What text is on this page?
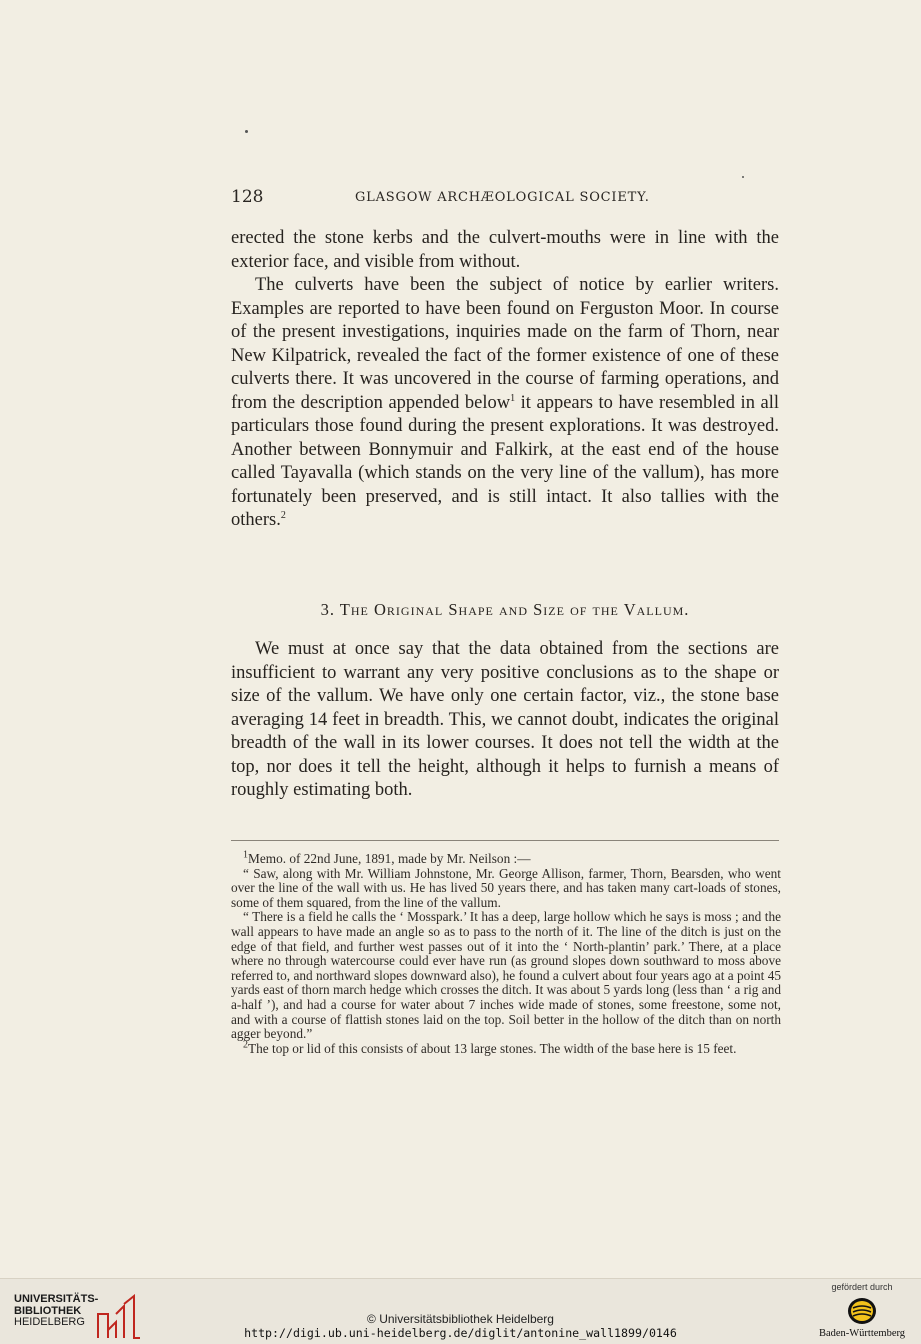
128	GLASGOW ARCHÆOLOGICAL SOCIETY.

erected the stone kerbs and the culvert-mouths were in line with the exterior face, and visible from without.

The culverts have been the subject of notice by earlier writers. Examples are reported to have been found on Ferguston Moor. In course of the present investigations, inquiries made on the farm of Thorn, near New Kilpatrick, revealed the fact of the former existence of one of these culverts there. It was uncovered in the course of farming operations, and from the description appended below$^1$ it appears to have resembled in all particulars those found during the present explorations. It was destroyed. Another between Bonnymuir and Falkirk, at the east end of the house called Tayavalla (which stands on the very line of the vallum), has more fortunately been preserved, and is still intact. It also tallies with the others.$^2$

3. The Original Shape and Size of the Vallum.

We must at once say that the data obtained from the sections are insufficient to warrant any very positive conclusions as to the shape or size of the vallum. We have only one certain factor, viz., the stone base averaging 14 feet in breadth. This, we cannot doubt, indicates the original breadth of the wall in its lower courses. It does not tell the width at the top, nor does it tell the height, although it helps to furnish a means of roughly estimating both.

$^1$Memo. of 22nd June, 1891, made by Mr. Neilson :—

“ Saw, along with Mr. William Johnstone, Mr. George Allison, farmer, Thorn, Bearsden, who went over the line of the wall with us. He has lived 50 years there, and has taken many cart-loads of stones, some of them squared, from the line of the vallum.

“ There is a field he calls the ‘ Mosspark.’ It has a deep, large hollow which he says is moss ; and the wall appears to have made an angle so as to pass to the north of it. The line of the ditch is just on the edge of that field, and further west passes out of it into the ‘ North-plantin’ park.’ There, at a place where no through watercourse could ever have run (as ground slopes down southward to moss above referred to, and northward slopes downward also), he found a culvert about four years ago at a point 45 yards east of thorn march hedge which crosses the ditch. It was about 5 yards long (less than ‘ a rig and a-half ’), and had a course for water about 7 inches wide made of stones, some freestone, some not, and with a course of flattish stones laid on the top. Soil better in the hollow of the ditch than on north agger beyond.”

$^2$The top or lid of this consists of about 13 large stones. The width of the base here is 15 feet.

UNIVERSITÄTS-
BIBLIOTHEK
HEIDELBERG	© Universitätsbibliothek Heidelberg
http://digi.ub.uni-heidelberg.de/diglit/antonine_wall1899/0146
gefördert durch
Baden-Württemberg
